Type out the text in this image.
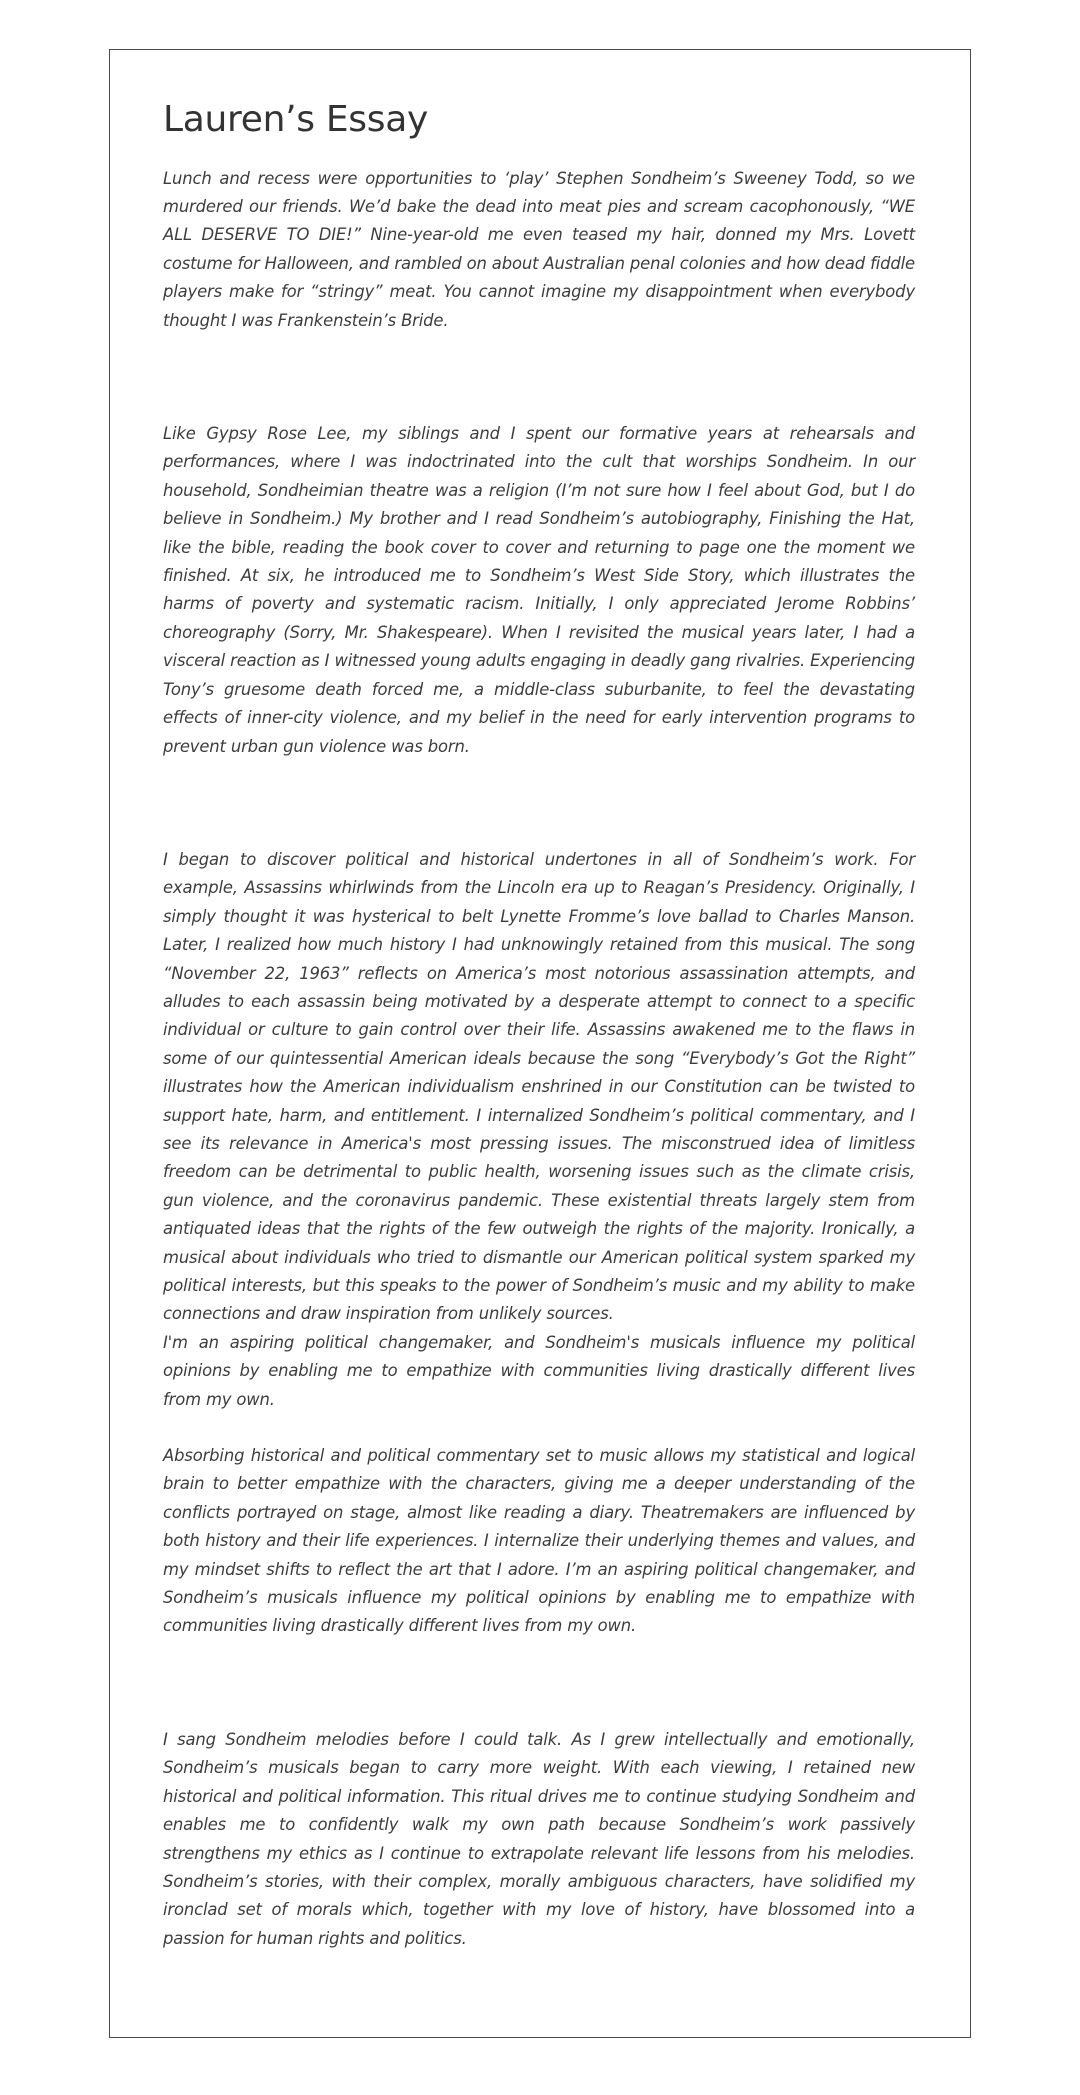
Lauren’s Essay

Lunch and recess were opportunities to ‘play’ Stephen Sondheim’s Sweeney Todd, so we murdered our friends. We’d bake the dead into meat pies and scream cacophonously, “WE ALL DESERVE TO DIE!” Nine-year-old me even teased my hair, donned my Mrs. Lovett costume for Halloween, and rambled on about Australian penal colonies and how dead fiddle players make for “stringy” meat. You cannot imagine my disappointment when everybody thought I was Frankenstein’s Bride.

Like Gypsy Rose Lee, my siblings and I spent our formative years at rehearsals and performances, where I was indoctrinated into the cult that worships Sondheim. In our household, Sondheimian theatre was a religion (I’m not sure how I feel about God, but I do believe in Sondheim.) My brother and I read Sondheim’s autobiography, Finishing the Hat, like the bible, reading the book cover to cover and returning to page one the moment we finished. At six, he introduced me to Sondheim’s West Side Story, which illustrates the harms of poverty and systematic racism. Initially, I only appreciated Jerome Robbins’ choreography (Sorry, Mr. Shakespeare). When I revisited the musical years later, I had a visceral reaction as I witnessed young adults engaging in deadly gang rivalries. Experiencing Tony’s gruesome death forced me, a middle-class suburbanite, to feel the devastating effects of inner-city violence, and my belief in the need for early intervention programs to prevent urban gun violence was born.

I began to discover political and historical undertones in all of Sondheim’s work. For example, Assassins whirlwinds from the Lincoln era up to Reagan’s Presidency. Originally, I simply thought it was hysterical to belt Lynette Fromme’s love ballad to Charles Manson. Later, I realized how much history I had unknowingly retained from this musical. The song “November 22, 1963” reflects on America’s most notorious assassination attempts, and alludes to each assassin being motivated by a desperate attempt to connect to a specific individual or culture to gain control over their life. Assassins awakened me to the flaws in some of our quintessential American ideals because the song “Everybody’s Got the Right” illustrates how the American individualism enshrined in our Constitution can be twisted to support hate, harm, and entitlement. I internalized Sondheim’s political commentary, and I see its relevance in America's most pressing issues. The misconstrued idea of limitless freedom can be detrimental to public health, worsening issues such as the climate crisis, gun violence, and the coronavirus pandemic. These existential threats largely stem from antiquated ideas that the rights of the few outweigh the rights of the majority. Ironically, a musical about individuals who tried to dismantle our American political system sparked my political interests, but this speaks to the power of Sondheim’s music and my ability to make connections and draw inspiration from unlikely sources.

I'm an aspiring political changemaker, and Sondheim's musicals influence my political opinions by enabling me to empathize with communities living drastically different lives from my own.

Absorbing historical and political commentary set to music allows my statistical and logical brain to better empathize with the characters, giving me a deeper understanding of the conflicts portrayed on stage, almost like reading a diary. Theatremakers are influenced by both history and their life experiences. I internalize their underlying themes and values, and my mindset shifts to reflect the art that I adore. I’m an aspiring political changemaker, and Sondheim’s musicals influence my political opinions by enabling me to empathize with communities living drastically different lives from my own.

I sang Sondheim melodies before I could talk. As I grew intellectually and emotionally, Sondheim’s musicals began to carry more weight. With each viewing, I retained new historical and political information. This ritual drives me to continue studying Sondheim and enables me to confidently walk my own path because Sondheim’s work passively strengthens my ethics as I continue to extrapolate relevant life lessons from his melodies. Sondheim’s stories, with their complex, morally ambiguous characters, have solidified my ironclad set of morals which, together with my love of history, have blossomed into a passion for human rights and politics.
